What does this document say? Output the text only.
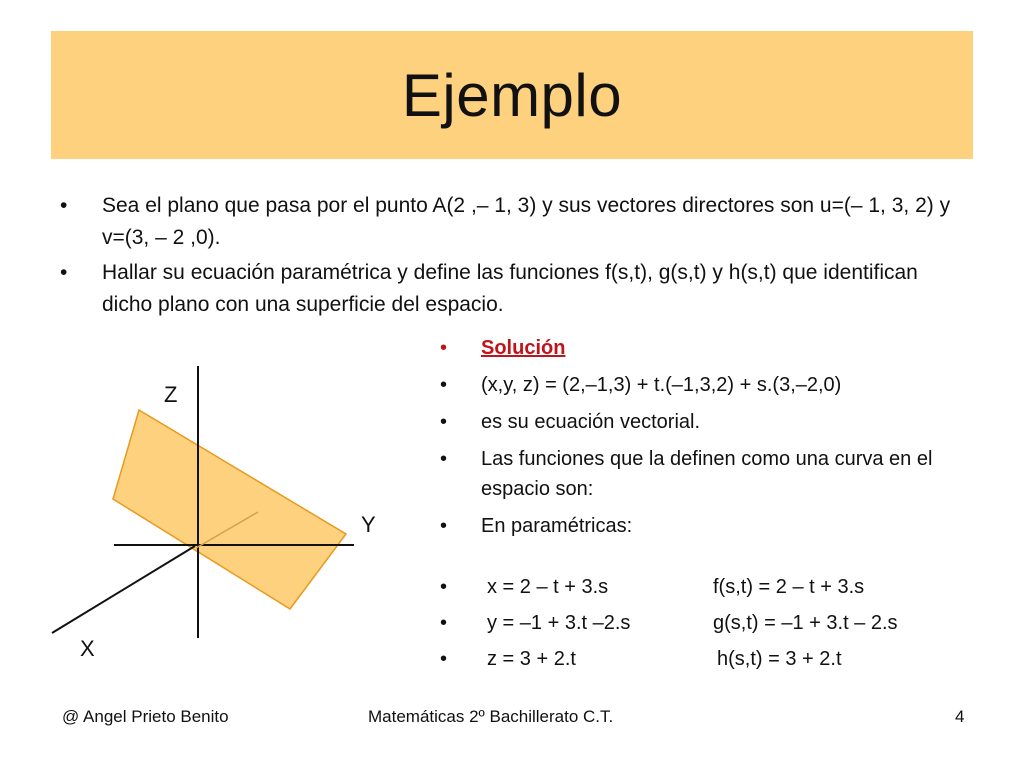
Ejemplo
• Sea el plano que pasa por el punto A(2 ,– 1, 3) y sus vectores directores son u=(– 1, 3, 2) y v=(3, – 2 ,0).
• Hallar su ecuación paramétrica y define las funciones f(s,t), g(s,t) y h(s,t) que identifican dicho plano con una superficie del espacio.
Z
Y
X
• Solución
• (x,y, z) = (2,–1,3) + t.(–1,3,2) + s.(3,–2,0)
• es su ecuación vectorial.
• Las funciones que la definen como una curva en el espacio son:
• En paramétricas:
• x = 2 – t + 3.s	f(s,t) = 2 – t + 3.s
• y = –1 + 3.t –2.s	g(s,t) = –1 + 3.t – 2.s
• z = 3 + 2.t	h(s,t) = 3 + 2.t
@ Angel Prieto Benito	Matemáticas 2º Bachillerato C.T.	4
